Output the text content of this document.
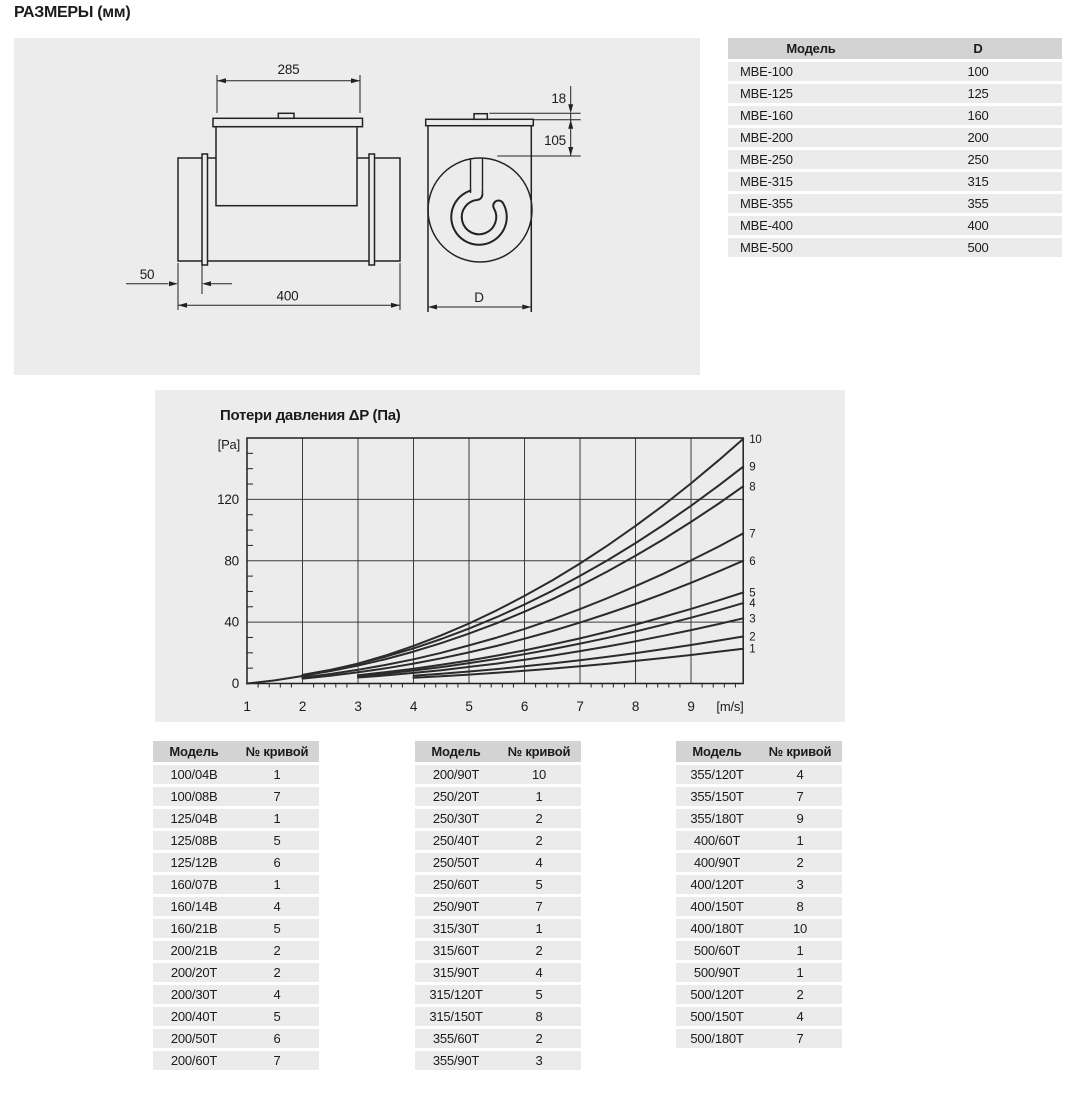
РАЗМЕРЫ (мм)
285
50
400	D
18
105
Модель	D
МВЕ-100	100
МВЕ-125	125
МВЕ-160	160
МВЕ-200	200
МВЕ-250	250
МВЕ-315	315
МВЕ-355	355
МВЕ-400	400
МВЕ-500	500
Потери давления ΔP (Па)
[Pa]
[m/s]
1	2	3	4	5	6	7	8	9
0
40
80
120
1
2
3
4
5
6
7
8
9
10
Модель	№ кривой
100/04В	1
100/08В	7
125/04В	1
125/08В	5
125/12В	6
160/07В	1
160/14В	4
160/21В	5
200/21В	2
200/20Т	2
200/30Т	4
200/40Т	5
200/50Т	6
200/60Т	7
Модель	№ кривой
200/90Т	10
250/20Т	1
250/30Т	2
250/40Т	2
250/50Т	4
250/60Т	5
250/90Т	7
315/30Т	1
315/60Т	2
315/90Т	4
315/120Т	5
315/150Т	8
355/60Т	2
355/90Т	3
Модель	№ кривой
355/120Т	4
355/150Т	7
355/180Т	9
400/60Т	1
400/90Т	2
400/120Т	3
400/150Т	8
400/180Т	10
500/60Т	1
500/90Т	1
500/120Т	2
500/150Т	4
500/180Т	7
